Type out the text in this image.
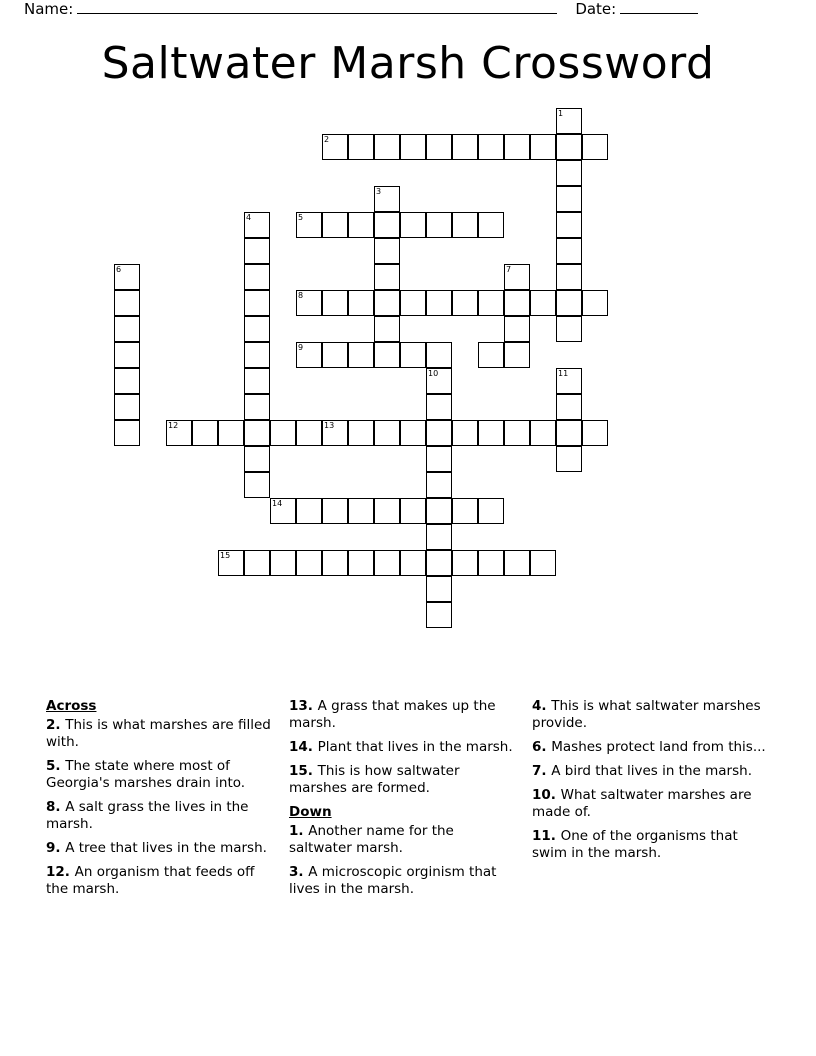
Name:	Date:
Saltwater Marsh Crossword
1
2
3
4	5
6	7
8
9
10	11
12	13
14
15
Across
2. This is what marshes are filled with.
5. The state where most of Georgia's marshes drain into.
8. A salt grass the lives in the marsh.
9. A tree that lives in the marsh.
12. An organism that feeds off the marsh.
13. A grass that makes up the marsh.
14. Plant that lives in the marsh.
15. This is how saltwater marshes are formed.
Down
1. Another name for the saltwater marsh.
3. A microscopic orginism that lives in the marsh.
4. This is what saltwater marshes provide.
6. Mashes protect land from this...
7. A bird that lives in the marsh.
10. What saltwater marshes are made of.
11. One of the organisms that swim in the marsh.
